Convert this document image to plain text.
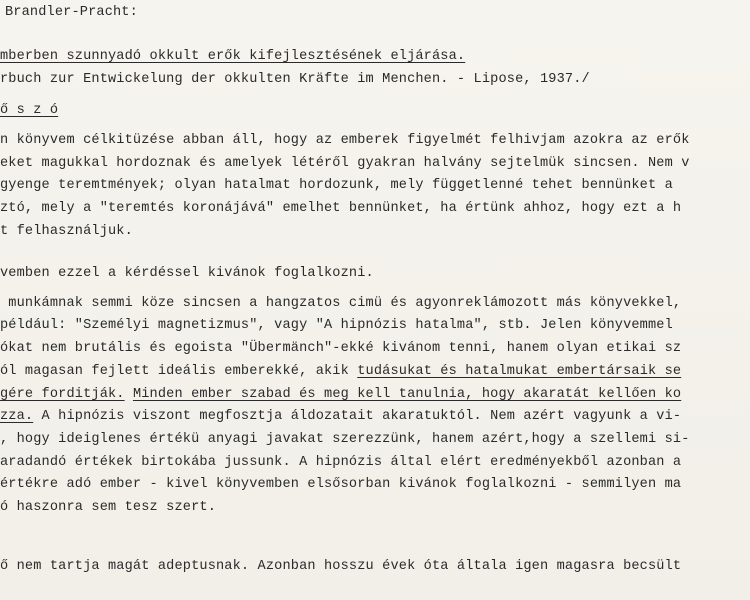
Brandler-Pracht:
mberben szunnyadó okkult erők kifejlesztésének eljárása.
rbuch zur Entwickelung der okkulten Kräfte im Menchen. - Lipose, 1937./
ő s z ó
n könyvem célkitüzése abban áll, hogy az emberek figyelmét felhivjam azokra az erők
eket magukkal hordoznak és amelyek létéről gyakran halvány sejtelmük sincsen. Nem v
gyenge teremtmények; olyan hatalmat hordozunk, mely függetlenné tehet bennünket a
ztó, mely a "teremtés koronájává" emelhet bennünket, ha értünk ahhoz, hogy ezt a h
t felhasználjuk.
vemben ezzel a kérdéssel kivánok foglalkozni.
munkámnak semmi köze sincsen a hangzatos cimü és agyonreklámozott más könyvekkel,
például: "Személyi magnetizmus", vagy "A hipnózis hatalma", stb. Jelen könyvemmel
ókat nem brutális és egoista "Übermänch"-ekké kivánom tenni, hanem olyan etikai sz
ól magasan fejlett ideális emberekké, akik tudásukat és hatalmukat embertársaik se
gére forditják. Minden ember szabad és meg kell tanulnia, hogy akaratát kellően ko
zza. A hipnózis viszont megfosztja áldozatait akaratuktól. Nem azért vagyunk a vi-
, hogy ideiglenes értékü anyagi javakat szerezzünk, hanem azért,hogy a szellemi si-
aradandó értékek birtokába jussunk. A hipnózis által elért eredményekből azonban a
értékre adó ember - kivel könyvemben elsősorban kivánok foglalkozni - semmilyen ma
ó haszonra sem tesz szert.
ő nem tartja magát adeptusnak. Azonban hosszu évek óta általa igen magasra becsült
